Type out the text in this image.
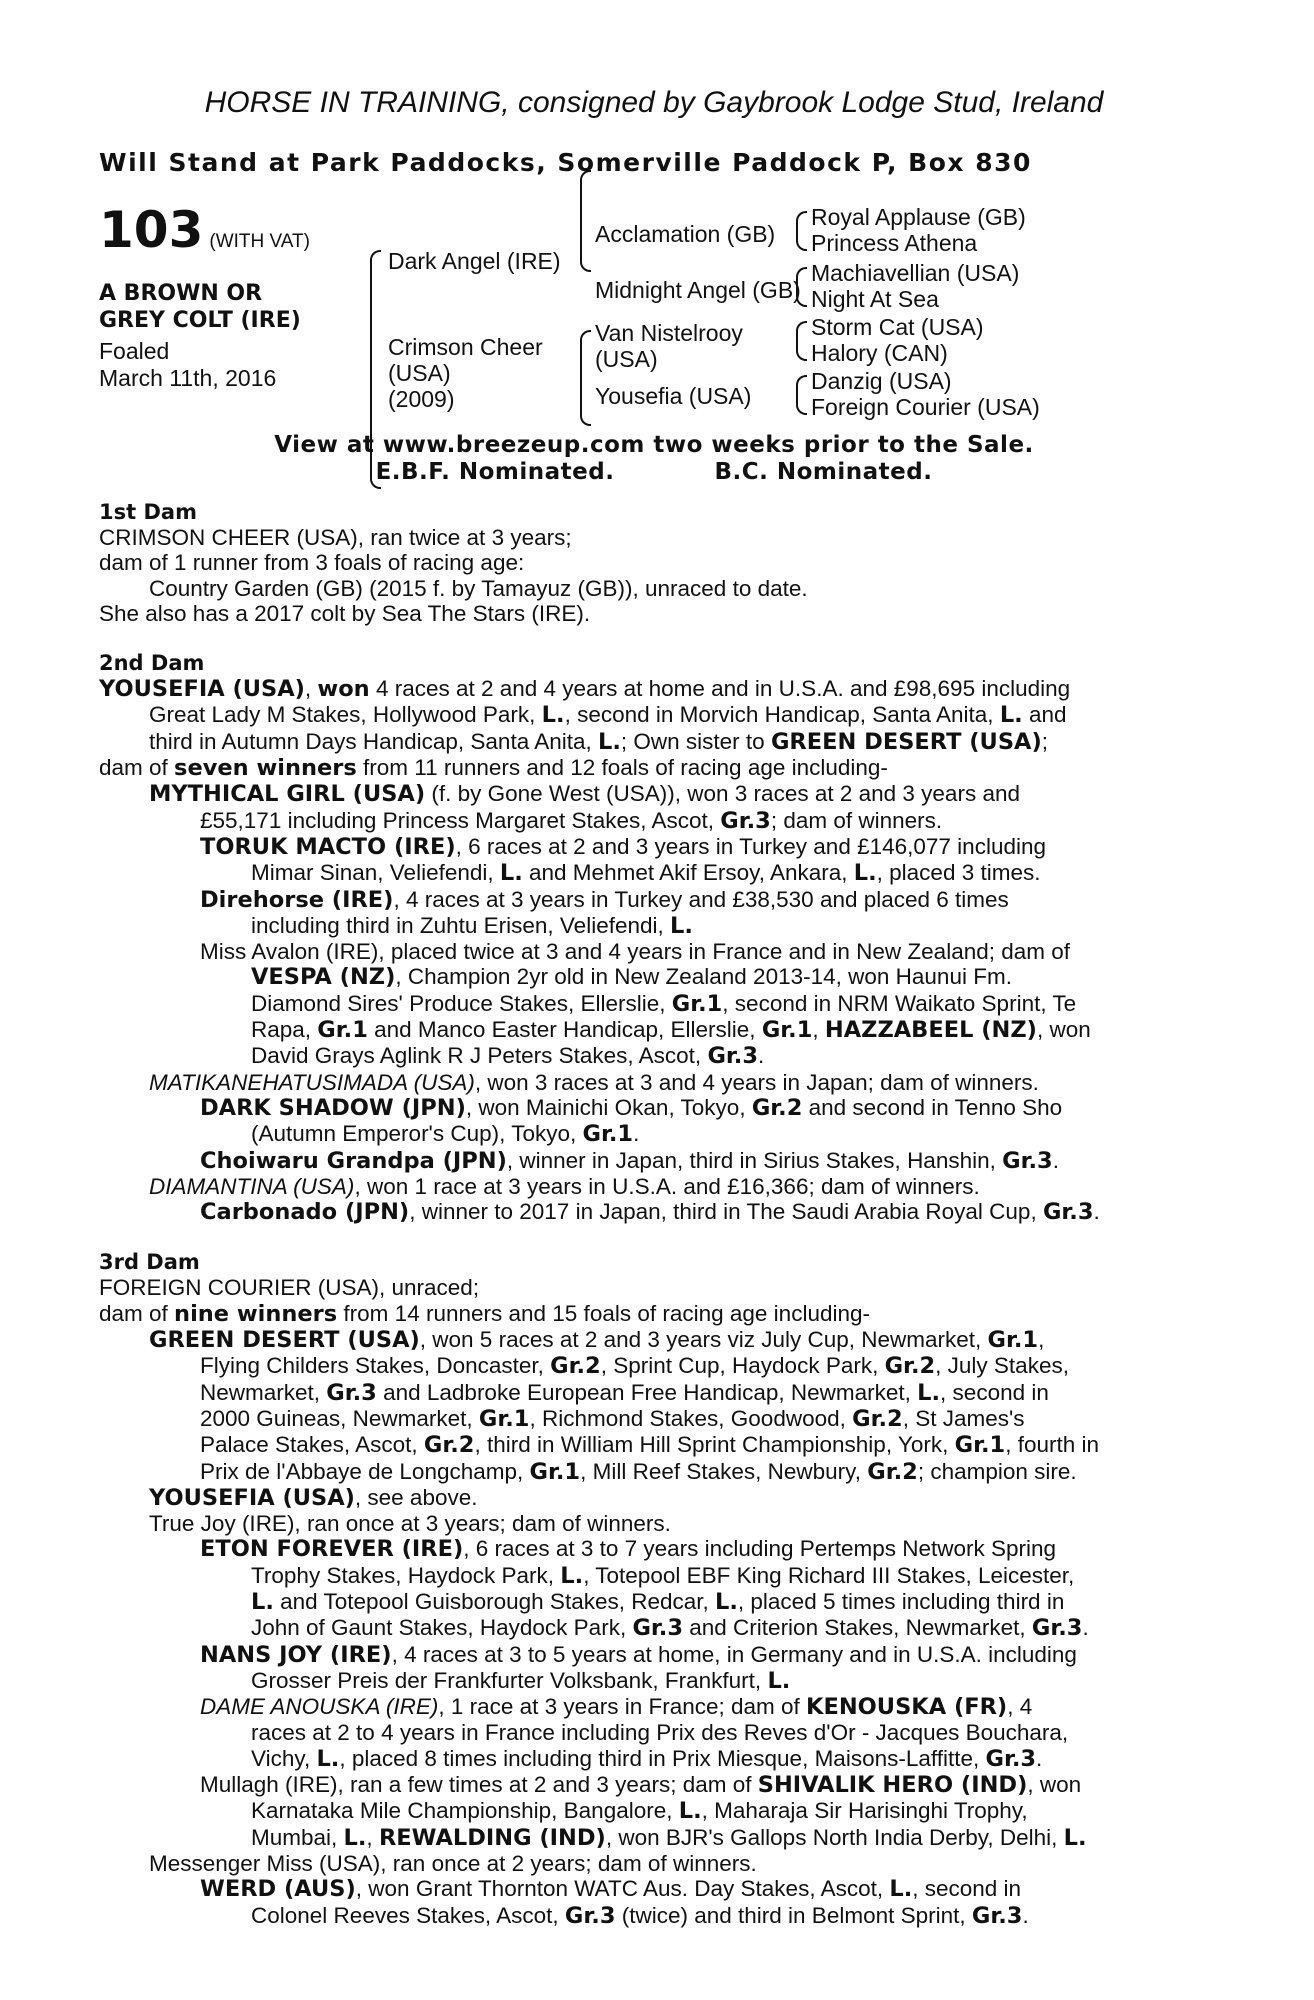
HORSE IN TRAINING, consigned by Gaybrook Lodge Stud, Ireland
Will Stand at Park Paddocks, Somerville Paddock P, Box 830
103 (WITH VAT)
A BROWN OR
GREY COLT (IRE)
Foaled
March 11th, 2016
Dark Angel (IRE)
Crimson Cheer
(USA)
(2009)
Acclamation (GB)
Midnight Angel (GB)
Van Nistelrooy
(USA)
Yousefia (USA)
Royal Applause (GB)
Princess Athena
Machiavellian (USA)
Night At Sea
Storm Cat (USA)
Halory (CAN)
Danzig (USA)
Foreign Courier (USA)
View at www.breezeup.com two weeks prior to the Sale.
E.B.F. Nominated.	B.C. Nominated.
1st Dam
CRIMSON CHEER (USA), ran twice at 3 years;
dam of 1 runner from 3 foals of racing age:
Country Garden (GB) (2015 f. by Tamayuz (GB)), unraced to date.
She also has a 2017 colt by Sea The Stars (IRE).
2nd Dam
YOUSEFIA (USA), won 4 races at 2 and 4 years at home and in U.S.A. and £98,695 including
Great Lady M Stakes, Hollywood Park, L., second in Morvich Handicap, Santa Anita, L. and
third in Autumn Days Handicap, Santa Anita, L.; Own sister to GREEN DESERT (USA);
dam of seven winners from 11 runners and 12 foals of racing age including-
MYTHICAL GIRL (USA) (f. by Gone West (USA)), won 3 races at 2 and 3 years and
£55,171 including Princess Margaret Stakes, Ascot, Gr.3; dam of winners.
TORUK MACTO (IRE), 6 races at 2 and 3 years in Turkey and £146,077 including
Mimar Sinan, Veliefendi, L. and Mehmet Akif Ersoy, Ankara, L., placed 3 times.
Direhorse (IRE), 4 races at 3 years in Turkey and £38,530 and placed 6 times
including third in Zuhtu Erisen, Veliefendi, L.
Miss Avalon (IRE), placed twice at 3 and 4 years in France and in New Zealand; dam of
VESPA (NZ), Champion 2yr old in New Zealand 2013-14, won Haunui Fm.
Diamond Sires' Produce Stakes, Ellerslie, Gr.1, second in NRM Waikato Sprint, Te
Rapa, Gr.1 and Manco Easter Handicap, Ellerslie, Gr.1, HAZZABEEL (NZ), won
David Grays Aglink R J Peters Stakes, Ascot, Gr.3.
MATIKANEHATUSIMADA (USA), won 3 races at 3 and 4 years in Japan; dam of winners.
DARK SHADOW (JPN), won Mainichi Okan, Tokyo, Gr.2 and second in Tenno Sho
(Autumn Emperor's Cup), Tokyo, Gr.1.
Choiwaru Grandpa (JPN), winner in Japan, third in Sirius Stakes, Hanshin, Gr.3.
DIAMANTINA (USA), won 1 race at 3 years in U.S.A. and £16,366; dam of winners.
Carbonado (JPN), winner to 2017 in Japan, third in The Saudi Arabia Royal Cup, Gr.3.
3rd Dam
FOREIGN COURIER (USA), unraced;
dam of nine winners from 14 runners and 15 foals of racing age including-
GREEN DESERT (USA), won 5 races at 2 and 3 years viz July Cup, Newmarket, Gr.1,
Flying Childers Stakes, Doncaster, Gr.2, Sprint Cup, Haydock Park, Gr.2, July Stakes,
Newmarket, Gr.3 and Ladbroke European Free Handicap, Newmarket, L., second in
2000 Guineas, Newmarket, Gr.1, Richmond Stakes, Goodwood, Gr.2, St James's
Palace Stakes, Ascot, Gr.2, third in William Hill Sprint Championship, York, Gr.1, fourth in
Prix de l'Abbaye de Longchamp, Gr.1, Mill Reef Stakes, Newbury, Gr.2; champion sire.
YOUSEFIA (USA), see above.
True Joy (IRE), ran once at 3 years; dam of winners.
ETON FOREVER (IRE), 6 races at 3 to 7 years including Pertemps Network Spring
Trophy Stakes, Haydock Park, L., Totepool EBF King Richard III Stakes, Leicester,
L. and Totepool Guisborough Stakes, Redcar, L., placed 5 times including third in
John of Gaunt Stakes, Haydock Park, Gr.3 and Criterion Stakes, Newmarket, Gr.3.
NANS JOY (IRE), 4 races at 3 to 5 years at home, in Germany and in U.S.A. including
Grosser Preis der Frankfurter Volksbank, Frankfurt, L.
DAME ANOUSKA (IRE), 1 race at 3 years in France; dam of KENOUSKA (FR), 4
races at 2 to 4 years in France including Prix des Reves d'Or - Jacques Bouchara,
Vichy, L., placed 8 times including third in Prix Miesque, Maisons-Laffitte, Gr.3.
Mullagh (IRE), ran a few times at 2 and 3 years; dam of SHIVALIK HERO (IND), won
Karnataka Mile Championship, Bangalore, L., Maharaja Sir Harisinghi Trophy,
Mumbai, L., REWALDING (IND), won BJR's Gallops North India Derby, Delhi, L.
Messenger Miss (USA), ran once at 2 years; dam of winners.
WERD (AUS), won Grant Thornton WATC Aus. Day Stakes, Ascot, L., second in
Colonel Reeves Stakes, Ascot, Gr.3 (twice) and third in Belmont Sprint, Gr.3.
